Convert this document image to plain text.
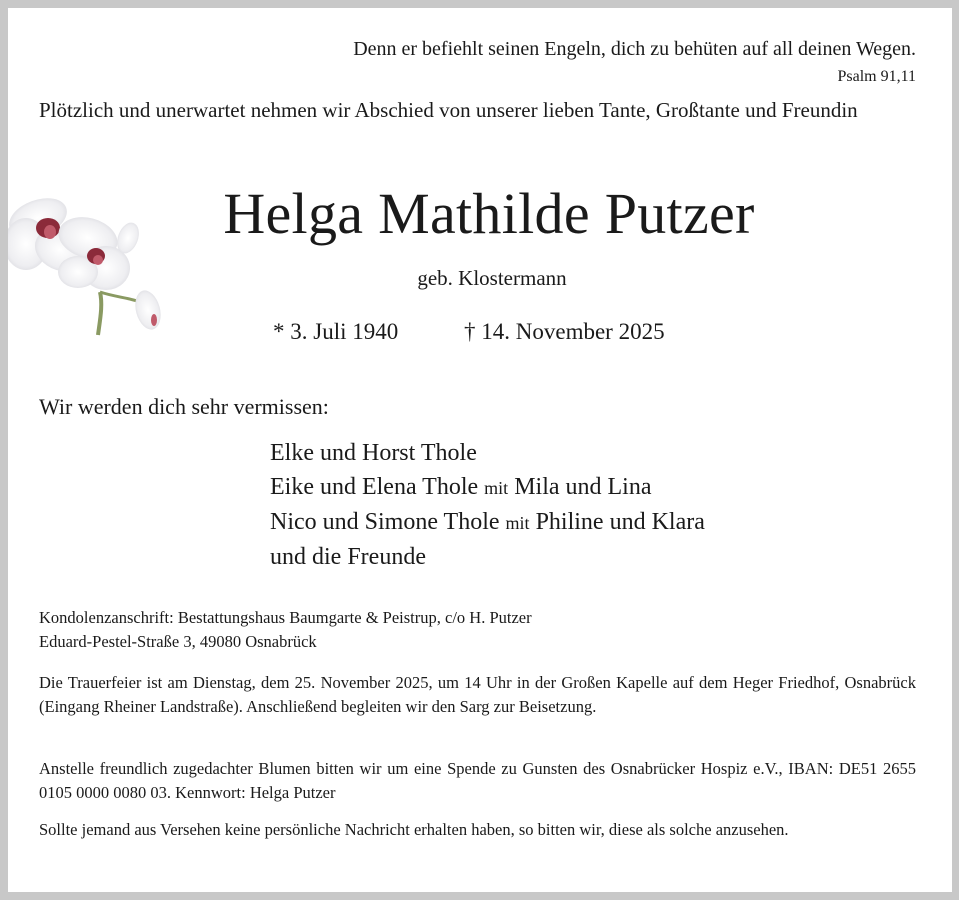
Denn er befiehlt seinen Engeln, dich zu behüten auf all deinen Wegen.
Psalm 91,11
Plötzlich und unerwartet nehmen wir Abschied von unserer lieben Tante, Großtante und Freundin
Helga Mathilde Putzer
geb. Klostermann
* 3. Juli 1940	† 14. November 2025
Wir werden dich sehr vermissen:
Elke und Horst Thole
Eike und Elena Thole mit Mila und Lina
Nico und Simone Thole mit Philine und Klara
und die Freunde
Kondolenzanschrift: Bestattungshaus Baumgarte & Peistrup, c/o H. Putzer
Eduard-Pestel-Straße 3, 49080 Osnabrück
Die Trauerfeier ist am Dienstag, dem 25. November 2025, um 14 Uhr in der Großen Kapelle auf dem Heger Friedhof, Osnabrück (Eingang Rheiner Landstraße). Anschließend begleiten wir den Sarg zur Beisetzung.
Anstelle freundlich zugedachter Blumen bitten wir um eine Spende zu Gunsten des Osnabrücker Hospiz e.V., IBAN: DE51 2655 0105 0000 0080 03. Kennwort: Helga Putzer
Sollte jemand aus Versehen keine persönliche Nachricht erhalten haben, so bitten wir, diese als solche anzusehen.
